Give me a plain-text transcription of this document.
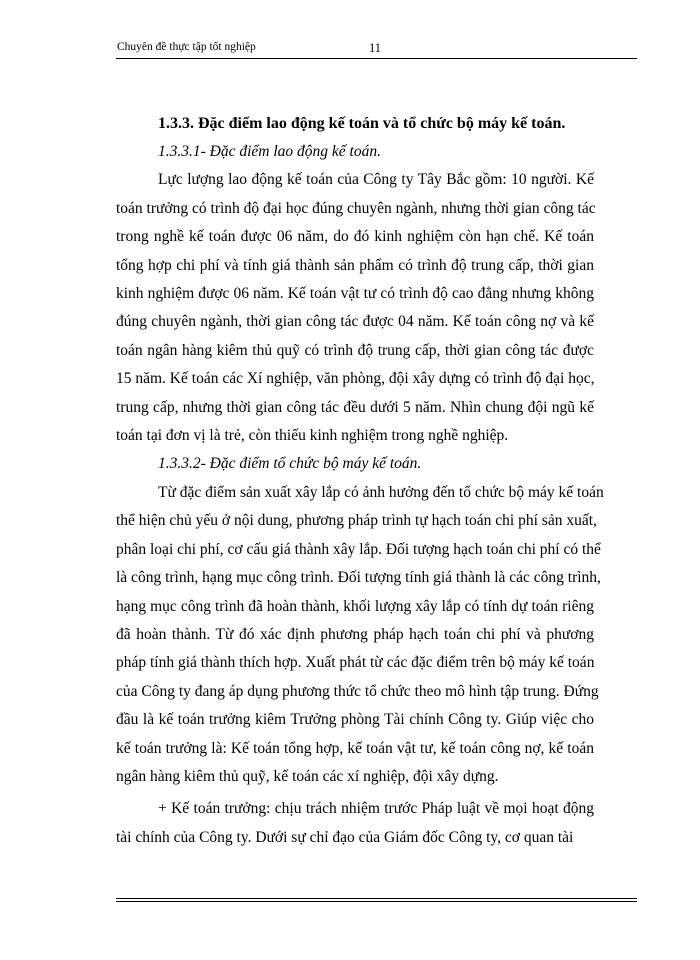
Chuyên đề thực tập tốt nghiệp	11
1.3.3. Đặc điểm lao động kế toán và tổ chức bộ máy kế toán.
1.3.3.1- Đặc điểm lao động kế toán.
Lực lượng lao động kế toán của Công ty Tây Bắc gồm: 10 người. Kế
toán trưởng có trình độ đại học đúng chuyên ngành, nhưng thời gian công tác
trong nghề kế toán được 06 năm, do đó kinh nghiệm còn hạn chế. Kế toán
tổng hợp chi phí và tính giá thành sản phẩm có trình độ trung cấp, thời gian
kinh nghiệm được 06 năm. Kế toán vật tư có trình độ cao đẳng nhưng không
đúng chuyên ngành, thời gian công tác được 04 năm. Kế toán công nợ và kế
toán ngân hàng kiêm thủ quỹ có trình độ trung cấp, thời gian công tác được
15 năm. Kế toán các Xí nghiệp, văn phòng, đội xây dựng có trình độ đại học,
trung cấp, nhưng thời gian công tác đều dưới 5 năm. Nhìn chung đội ngũ kế
toán tại đơn vị là trẻ, còn thiếu kinh nghiệm trong nghề nghiệp.
1.3.3.2- Đặc điểm tổ chức bộ máy kế toán.
Từ đặc điểm sản xuất xây lắp có ảnh hưởng đến tổ chức bộ máy kế toán
thể hiện chủ yếu ở nội dung, phương pháp trình tự hạch toán chi phí sản xuất,
phân loại chi phí, cơ cấu giá thành xây lắp. Đối tượng hạch toán chi phí có thể
là công trình, hạng mục công trình. Đối tượng tính giá thành là các công trình,
hạng mục công trình đã hoàn thành, khối lượng xây lắp có tính dự toán riêng
đã hoàn thành. Từ đó xác định phương pháp hạch toán chi phí và phương
pháp tính giá thành thích hợp. Xuất phát từ các đặc điểm trên bộ máy kế toán
của Công ty đang áp dụng phương thức tổ chức theo mô hình tập trung. Đứng
đầu là kế toán trưởng kiêm Trưởng phòng Tài chính Công ty. Giúp việc cho
kế toán trưởng là: Kế toán tổng hợp, kế toán vật tư, kế toán công nợ, kế toán
ngân hàng kiêm thủ quỹ, kế toán các xí nghiệp, đội xây dựng.
+ Kế toán trưởng: chịu trách nhiệm trước Pháp luật về mọi hoạt động
tài chính của Công ty. Dưới sự chỉ đạo của Giám đốc Công ty, cơ quan tài
